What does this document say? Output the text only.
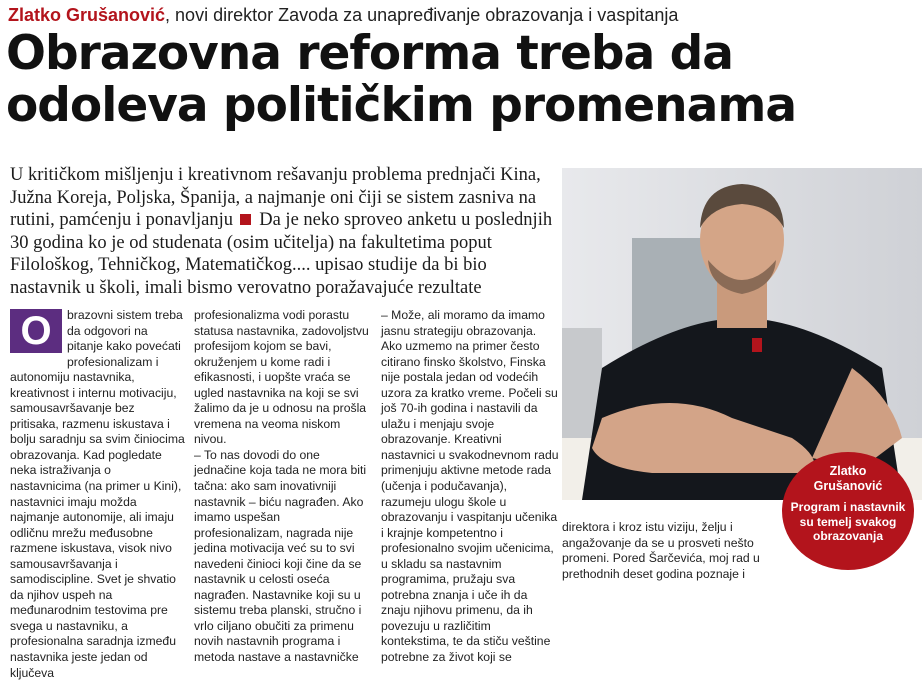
Zlatko Grušanović, novi direktor Zavoda za unapređivanje obrazovanja i vaspitanja
Obrazovna reforma treba da
odoleva političkim promenama

U kritičkom mišljenju i kreativnom rešavanju problema prednjači Kina, Južna Koreja, Poljska, Španija, a najmanje oni čiji se sistem zasniva na rutini, pamćenju i ponavljanju Da je neko sproveo anketu u poslednjih 30 godina ko je od studenata (osim učitelja) na fakultetima poput Filološkog, Tehničkog, Matematičkog.... upisao studije da bi bio nastavnik u školi, imali bismo verovatno poražavajuće rezultate

Zlatko
Grušanović
Program i nastavnik su temelj svakog obrazovanja
O	brazovni sistem treba da odgovori na pitanje kako povećati profesionalizam i autonomiju nastavnika, kreativnost i internu motivaciju, samousavršavanje bez pritisaka, razmenu iskustava i bolju saradnju sa svim činiocima obrazovanja. Kad pogledate neka istraživanja o nastavnicima (na primer u Kini), nastavnici imaju možda najmanje autonomije, ali imaju odličnu mrežu međusobne razmene iskustava, visok nivo samousavršavanja i samodisciplinе. Svet je shvatio da njihov uspeh na međunarodnim testovima pre svega u nastavniku, a profesionalna saradnja između nastavnika jeste jedan od ključeva

profesionalizma vodi porastu statusa nastavnika, zadovoljstvu profesijom kojom se bavi, okruženjem u kome radi i efikasnosti, i uopšte vraća se ugled nastavnika na koji se svi žalimo da je u odnosu na prošla vremena na veoma niskom nivou.

– To nas dovodi do one jednačine koja tada ne mora biti tačna: ako sam inovativniji nastavnik – biću nagrađen. Ako imamo uspešan profesionalizam, nagrada nije jedina motivacija već su to svi navedeni činioci koji čine da se nastavnik u celosti oseća nagrađen. Nastavnike koji su u sistemu treba planski, stručno i vrlo ciljano obučiti za primenu novih nastavnih programa i metoda nastave a nastavničke

– Može, ali moramo da imamo jasnu strategiju obrazovanja. Ako uzmemo na primer često citirano finsko školstvo, Finska nije postala jedan od vodećih uzora za kratko vreme. Počeli su još 70-ih godina i nastavili da ulažu i menjaju svoje obrazovanje. Kreativni nastavnici u svakodnevnom radu primenjuju aktivne metode rada (učenja i podučavanja), razumeju ulogu škole u obrazovanju i vaspitanju učenika i krajnje kompetentno i profesionalno svojim učenicima, u skladu sa nastavnim programima, pružaju sva potrebna znanja i uče ih da znaju njihovu primenu, da ih povezuju u različitim kontekstima, te da stiču veštine potrebne za život koji se

direktora i kroz istu viziju, želju i angažovanje da se u prosveti nešto promeni. Pored Šarčevića, moj rad u prethodnih deset godina poznaje i
